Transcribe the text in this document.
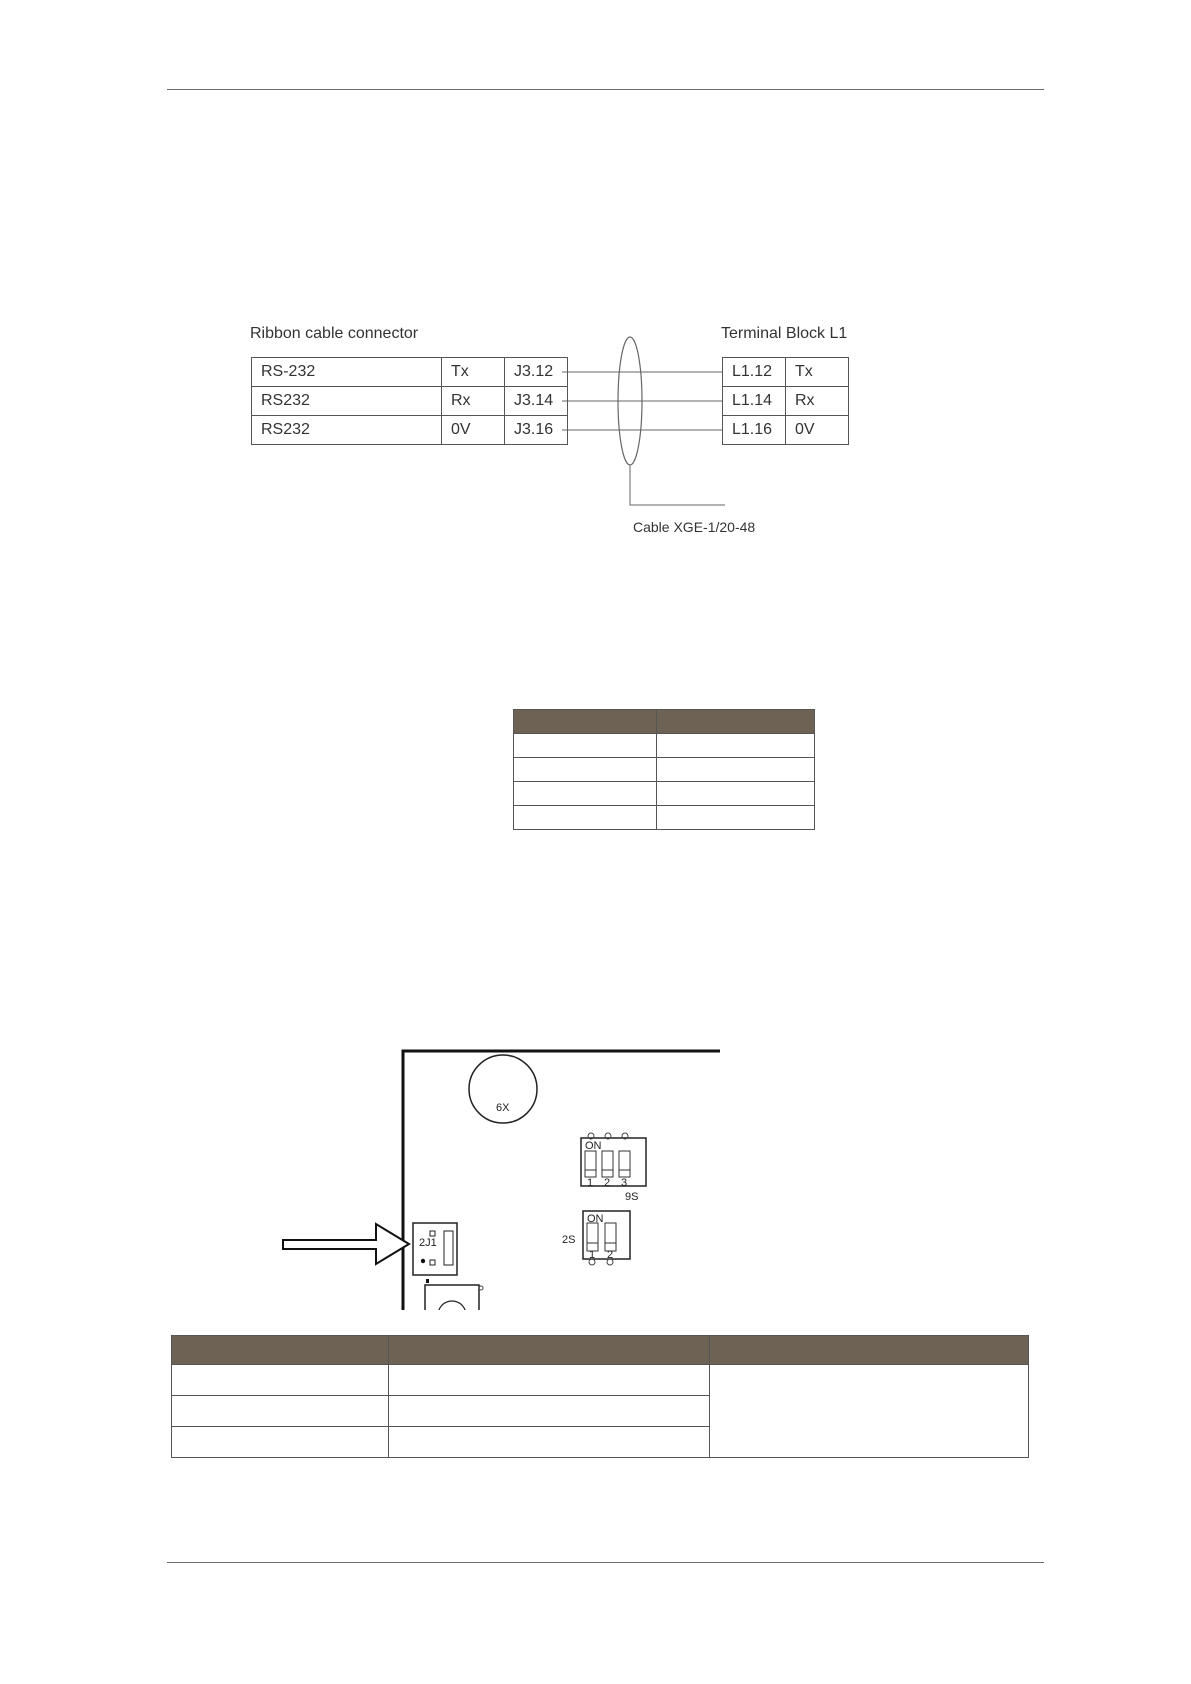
Ribbon cable connector	Terminal Block L1
RS-232	Tx	J3.12
RS232	Rx	J3.14
RS232	0V	J3.16
L1.12	Tx
L1.14	Rx
L1.16	0V
Cable XGE-1/20-48

6X
ON
1 2 3
9S
ON
1 2
2S
2J1
